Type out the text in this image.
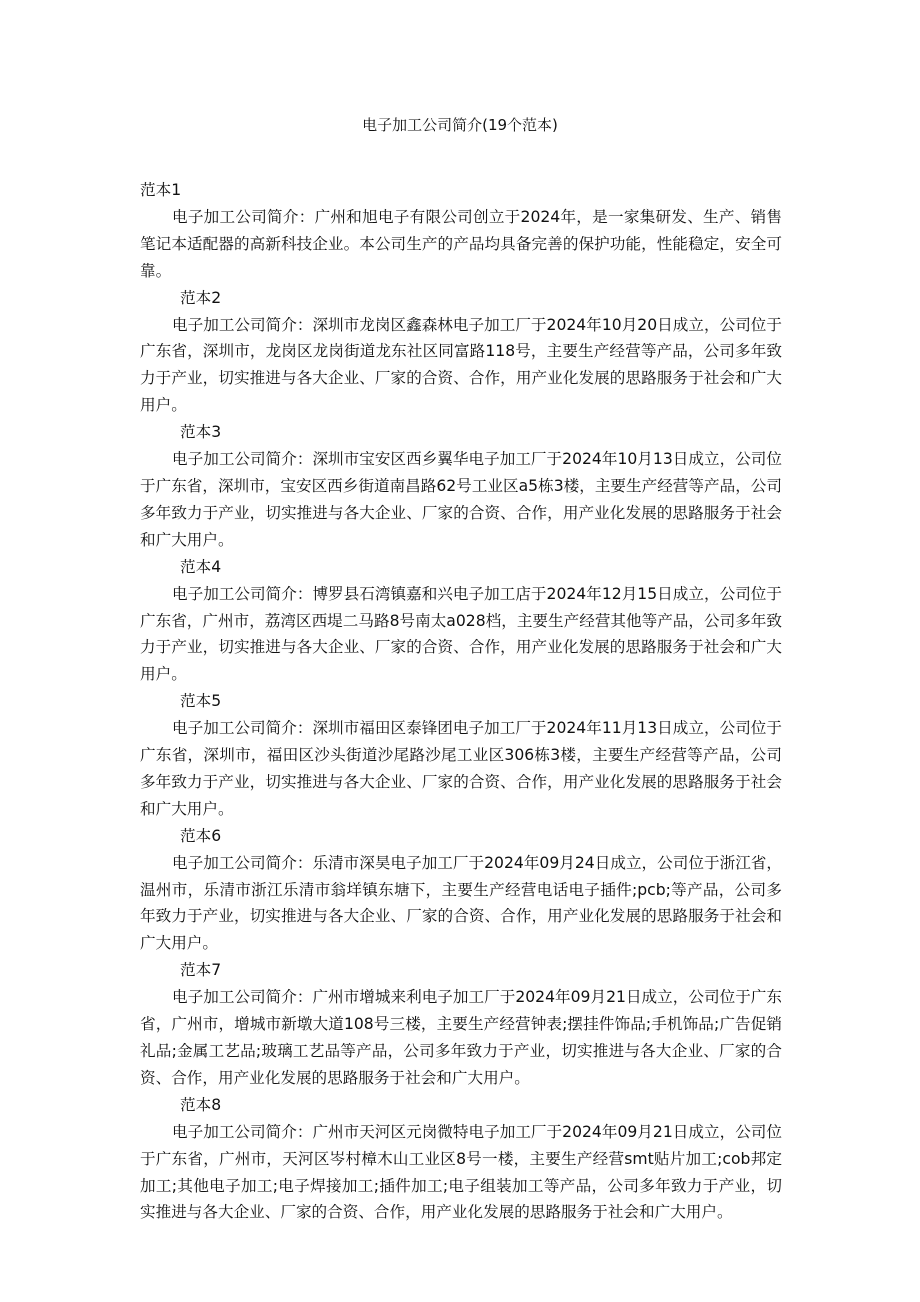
电子加工公司简介(19个范本)

范本1

电子加工公司简介：广州和旭电子有限公司创立于2024年，是一家集研发、生产、销售笔记本适配器的高新科技企业。本公司生产的产品均具备完善的保护功能，性能稳定，安全可靠。

范本2

电子加工公司简介：深圳市龙岗区鑫森林电子加工厂于2024年10月20日成立，公司位于广东省，深圳市，龙岗区龙岗街道龙东社区同富路118号，主要生产经营等产品，公司多年致力于产业，切实推进与各大企业、厂家的合资、合作，用产业化发展的思路服务于社会和广大用户。

范本3

电子加工公司简介：深圳市宝安区西乡翼华电子加工厂于2024年10月13日成立，公司位于广东省，深圳市，宝安区西乡街道南昌路62号工业区a5栋3楼，主要生产经营等产品，公司多年致力于产业，切实推进与各大企业、厂家的合资、合作，用产业化发展的思路服务于社会和广大用户。

范本4

电子加工公司简介：博罗县石湾镇嘉和兴电子加工店于2024年12月15日成立，公司位于广东省，广州市，荔湾区西堤二马路8号南太a028档，主要生产经营其他等产品，公司多年致力于产业，切实推进与各大企业、厂家的合资、合作，用产业化发展的思路服务于社会和广大用户。

范本5

电子加工公司简介：深圳市福田区泰锋团电子加工厂于2024年11月13日成立，公司位于广东省，深圳市，福田区沙头街道沙尾路沙尾工业区306栋3楼，主要生产经营等产品，公司多年致力于产业，切实推进与各大企业、厂家的合资、合作，用产业化发展的思路服务于社会和广大用户。

范本6

电子加工公司简介：乐清市深昊电子加工厂于2024年09月24日成立，公司位于浙江省，温州市，乐清市浙江乐清市翁垟镇东塘下，主要生产经营电话电子插件;pcb;等产品，公司多年致力于产业，切实推进与各大企业、厂家的合资、合作，用产业化发展的思路服务于社会和广大用户。

范本7

电子加工公司简介：广州市增城来利电子加工厂于2024年09月21日成立，公司位于广东省，广州市，增城市新墩大道108号三楼，主要生产经营钟表;摆挂件饰品;手机饰品;广告促销礼品;金属工艺品;玻璃工艺品等产品，公司多年致力于产业，切实推进与各大企业、厂家的合资、合作，用产业化发展的思路服务于社会和广大用户。

范本8

电子加工公司简介：广州市天河区元岗微特电子加工厂于2024年09月21日成立，公司位于广东省，广州市，天河区岑村樟木山工业区8号一楼，主要生产经营smt贴片加工;cob邦定加工;其他电子加工;电子焊接加工;插件加工;电子组装加工等产品，公司多年致力于产业，切实推进与各大企业、厂家的合资、合作，用产业化发展的思路服务于社会和广大用户。
